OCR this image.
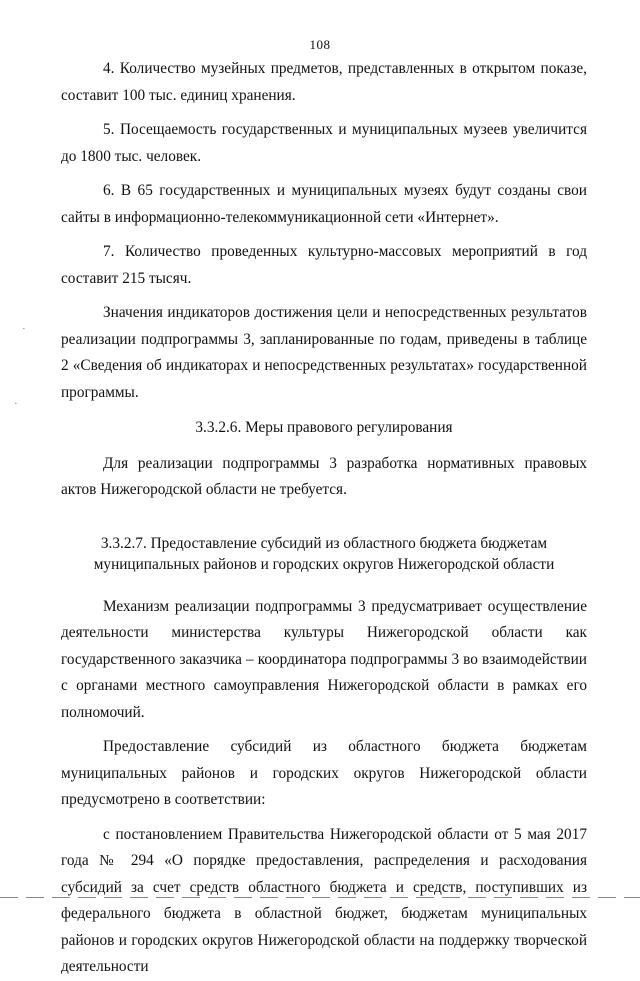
108

4. Количество музейных предметов, представленных в открытом показе, составит 100 тыс. единиц хранения.

5. Посещаемость государственных и муниципальных музеев увеличится до 1800 тыс. человек.

6. В 65 государственных и муниципальных музеях будут созданы свои сайты в информационно-телекоммуникационной сети «Интернет».

7. Количество проведенных культурно-массовых мероприятий в год составит 215 тысяч.

Значения индикаторов достижения цели и непосредственных результатов реализации подпрограммы 3, запланированные по годам, приведены в таблице 2 «Сведения об индикаторах и непосредственных результатах» государственной программы.

3.3.2.6. Меры правового регулирования

Для реализации подпрограммы 3 разработка нормативных правовых актов Нижегородской области не требуется.

3.3.2.7. Предоставление субсидий из областного бюджета бюджетам
муниципальных районов и городских округов Нижегородской области

Механизм реализации подпрограммы 3 предусматривает осуществление деятельности министерства культуры Нижегородской области как государственного заказчика – координатора подпрограммы 3 во взаимодействии с органами местного самоуправления Нижегородской области в рамках его полномочий.

Предоставление субсидий из областного бюджета бюджетам муниципальных районов и городских округов Нижегородской области предусмотрено в соответствии:

с постановлением Правительства Нижегородской области от 5 мая 2017 года № 294 «О порядке предоставления, распределения и расходования субсидий за счет средств областного бюджета и средств, поступивших из федерального бюджета в областной бюджет, бюджетам муниципальных районов и городских округов Нижегородской области на поддержку творческой деятельности

˙
·
